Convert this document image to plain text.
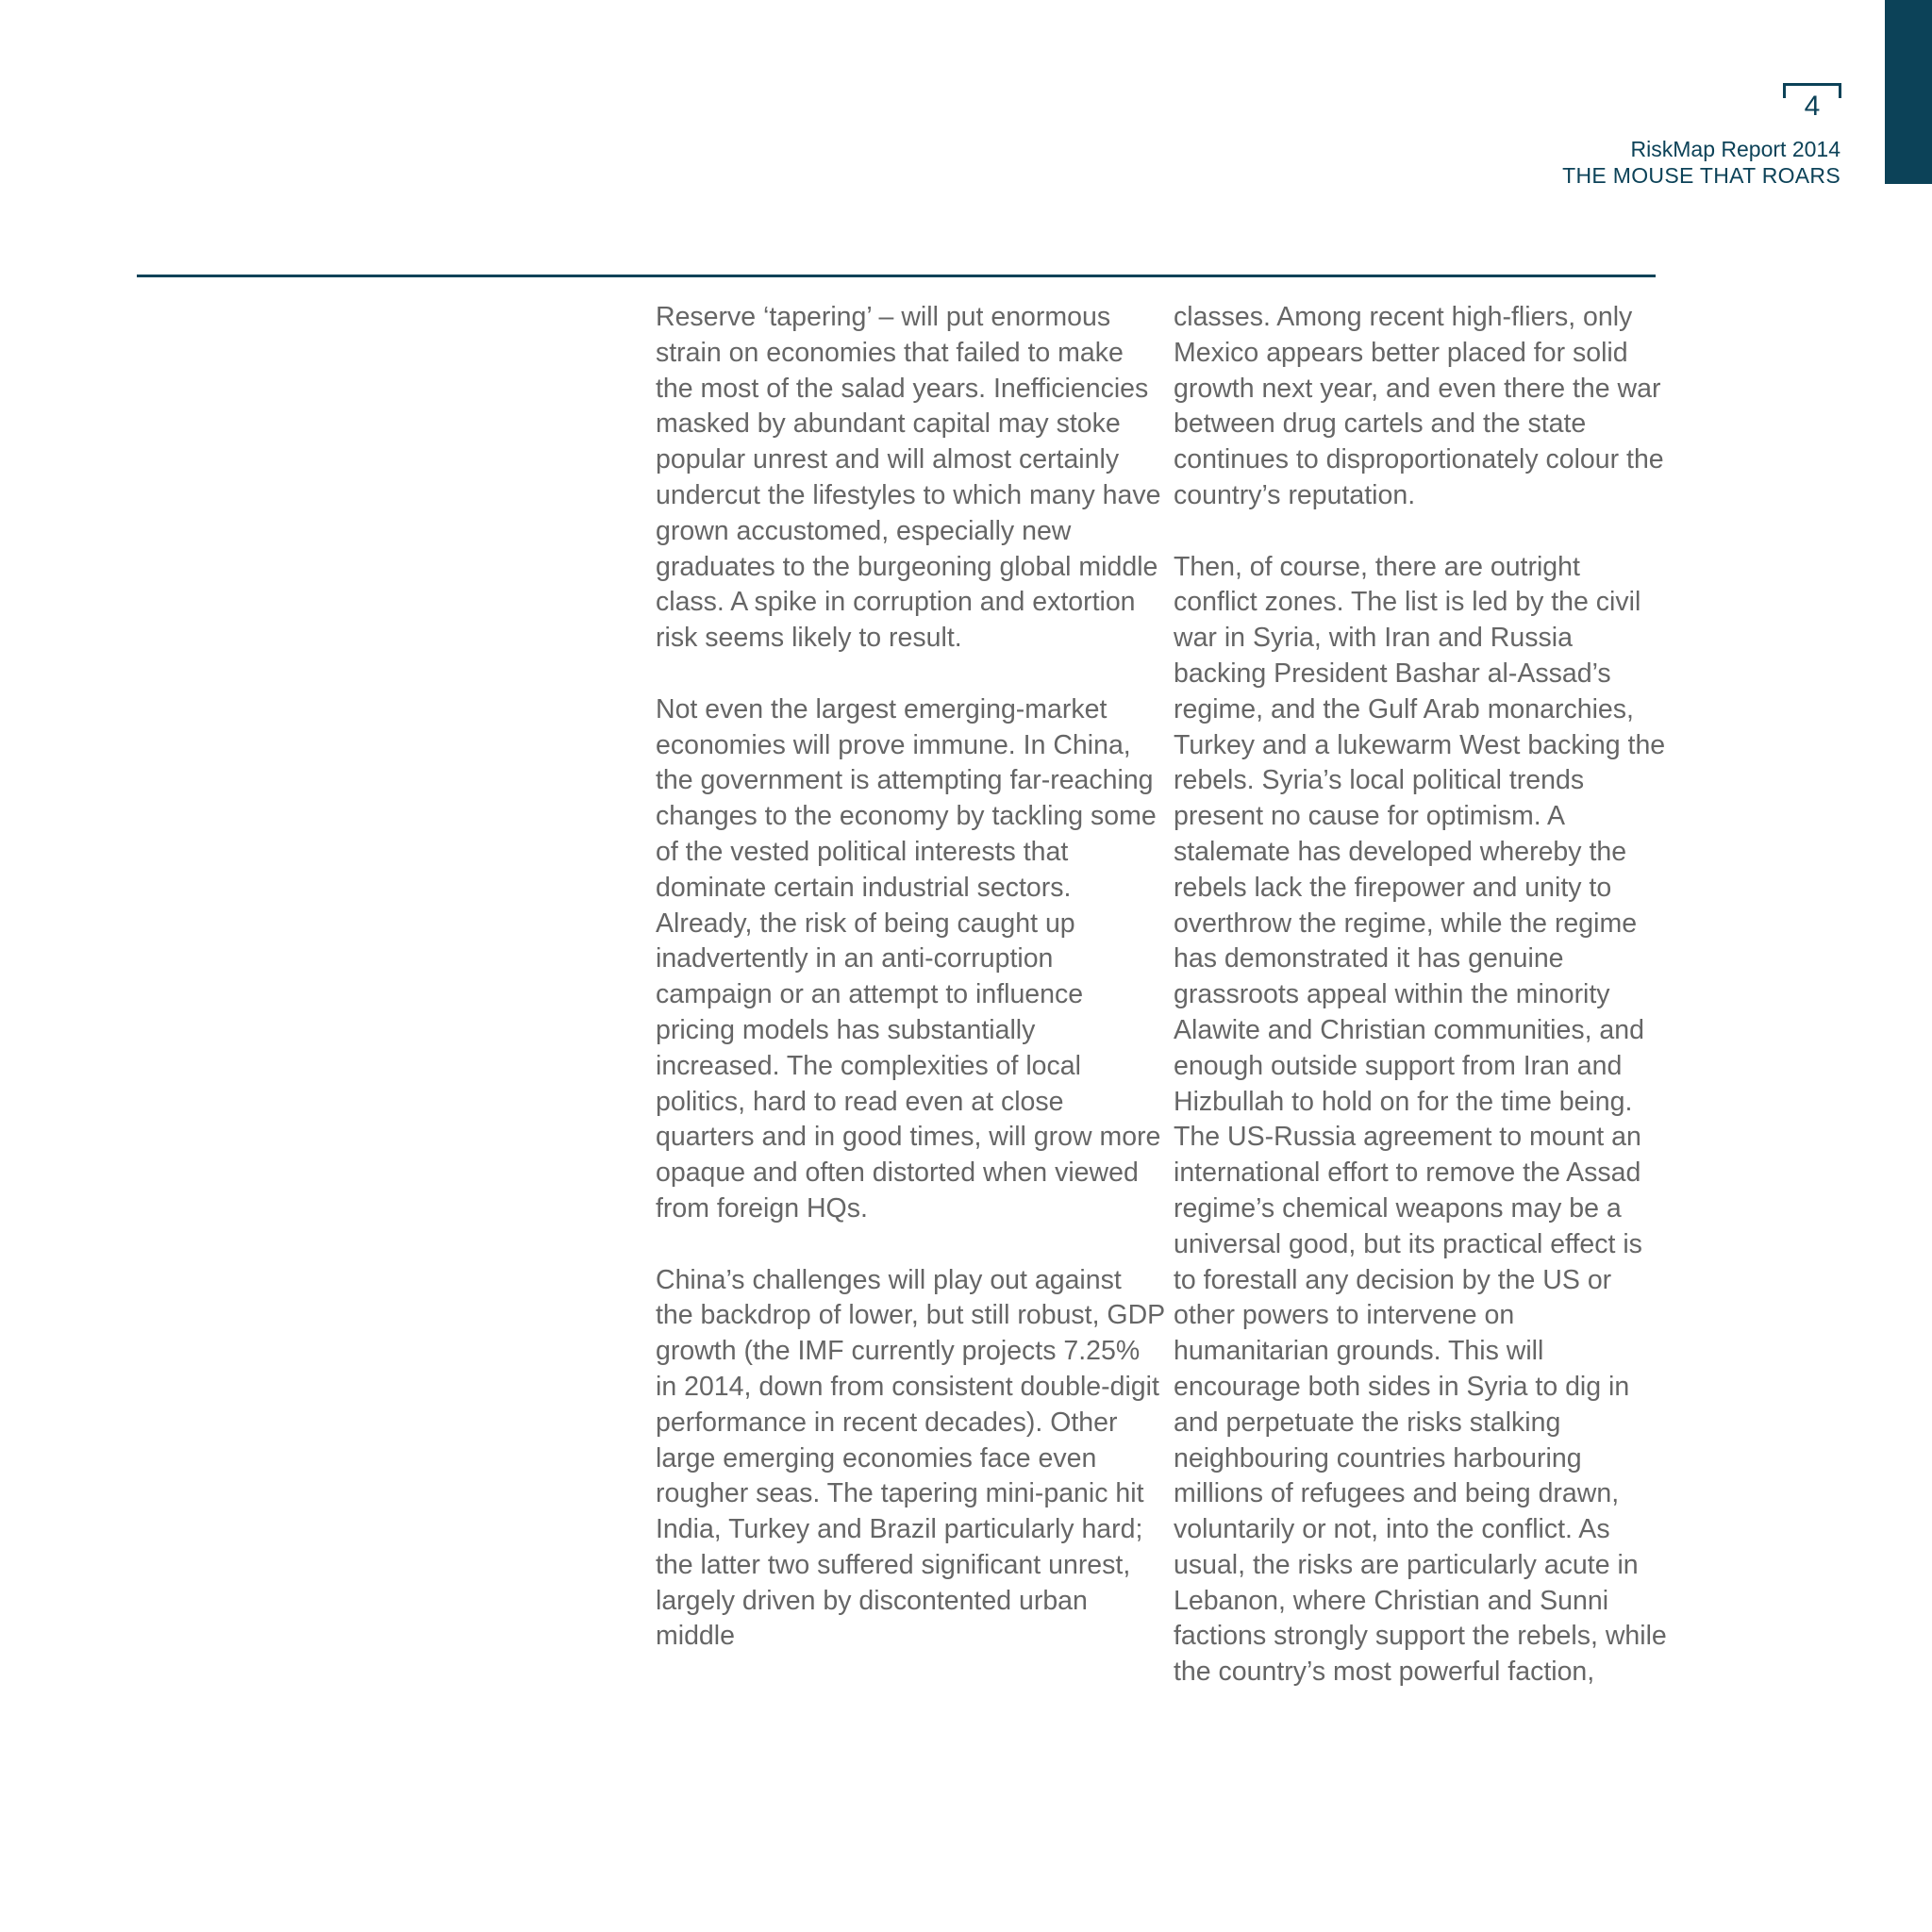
4
RiskMap Report 2014
THE MOUSE THAT ROARS

Reserve ‘tapering’ – will put enormous strain on economies that failed to make the most of the salad years. Inefficiencies masked by abundant capital may stoke popular unrest and will almost certainly undercut the lifestyles to which many have grown accustomed, especially new graduates to the burgeoning global middle class. A spike in corruption and extortion risk seems likely to result.

Not even the largest emerging-market economies will prove immune. In China, the government is attempting far-reaching changes to the economy by tackling some of the vested political interests that dominate certain industrial sectors. Already, the risk of being caught up inadvertently in an anti-corruption campaign or an attempt to influence pricing models has substantially increased. The complexities of local politics, hard to read even at close quarters and in good times, will grow more opaque and often distorted when viewed from foreign HQs.

China’s challenges will play out against the backdrop of lower, but still robust, GDP growth (the IMF currently projects 7.25% in 2014, down from consistent double-digit performance in recent decades). Other large emerging economies face even rougher seas. The tapering mini-panic hit India, Turkey and Brazil particularly hard; the latter two suffered significant unrest, largely driven by discontented urban middle

classes. Among recent high-fliers, only Mexico appears better placed for solid growth next year, and even there the war between drug cartels and the state continues to disproportionately colour the country’s reputation.

Then, of course, there are outright conflict zones. The list is led by the civil war in Syria, with Iran and Russia backing President Bashar al-Assad’s regime, and the Gulf Arab monarchies, Turkey and a lukewarm West backing the rebels. Syria’s local political trends present no cause for optimism. A stalemate has developed whereby the rebels lack the firepower and unity to overthrow the regime, while the regime has demonstrated it has genuine grassroots appeal within the minority Alawite and Christian communities, and enough outside support from Iran and Hizbullah to hold on for the time being. The US-Russia agreement to mount an international effort to remove the Assad regime’s chemical weapons may be a universal good, but its practical effect is to forestall any decision by the US or other powers to intervene on humanitarian grounds. This will encourage both sides in Syria to dig in and perpetuate the risks stalking neighbouring countries harbouring millions of refugees and being drawn, voluntarily or not, into the conflict. As usual, the risks are particularly acute in Lebanon, where Christian and Sunni factions strongly support the rebels, while the country’s most powerful faction,
